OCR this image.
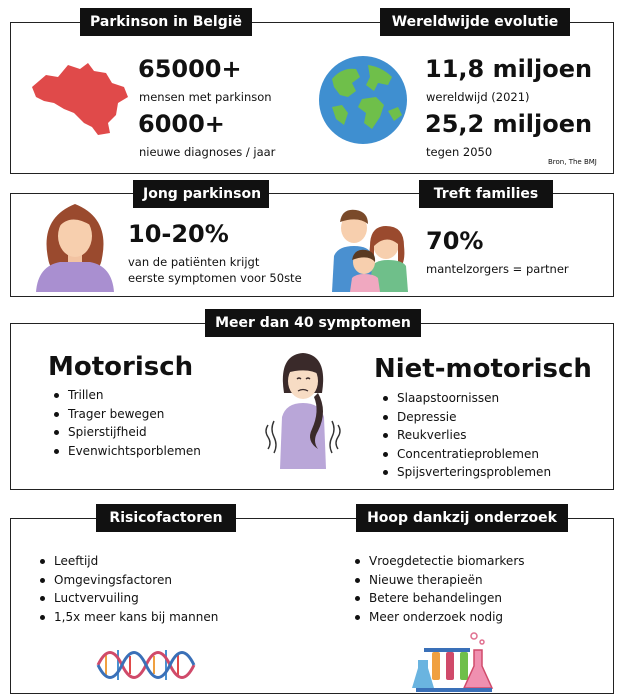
Parkinson in België	Wereldwijde evolutie
65000+
mensen met parkinson
6000+
nieuwe diagnoses / jaar
11,8 miljoen
wereldwijd (2021)
25,2 miljoen
tegen 2050
Bron, The BMJ
Jong parkinson	Treft families
10-20%
van de patiënten krijgt
eerste symptomen voor 50ste
70%
mantelzorgers = partner
Meer dan 40 symptomen
Motorisch
Trillen
Trager bewegen
Spierstijfheid
Evenwichtsporblemen
Niet-motorisch
Slaapstoornissen
Depressie
Reukverlies
Concentratieproblemen
Spijsverteringsproblemen
Risicofactoren	Hoop dankzij onderzoek
Leeftijd
Omgevingsfactoren
Luctvervuiling
1,5x meer kans bij mannen
Vroegdetectie biomarkers
Nieuwe therapieën
Betere behandelingen
Meer onderzoek nodig
